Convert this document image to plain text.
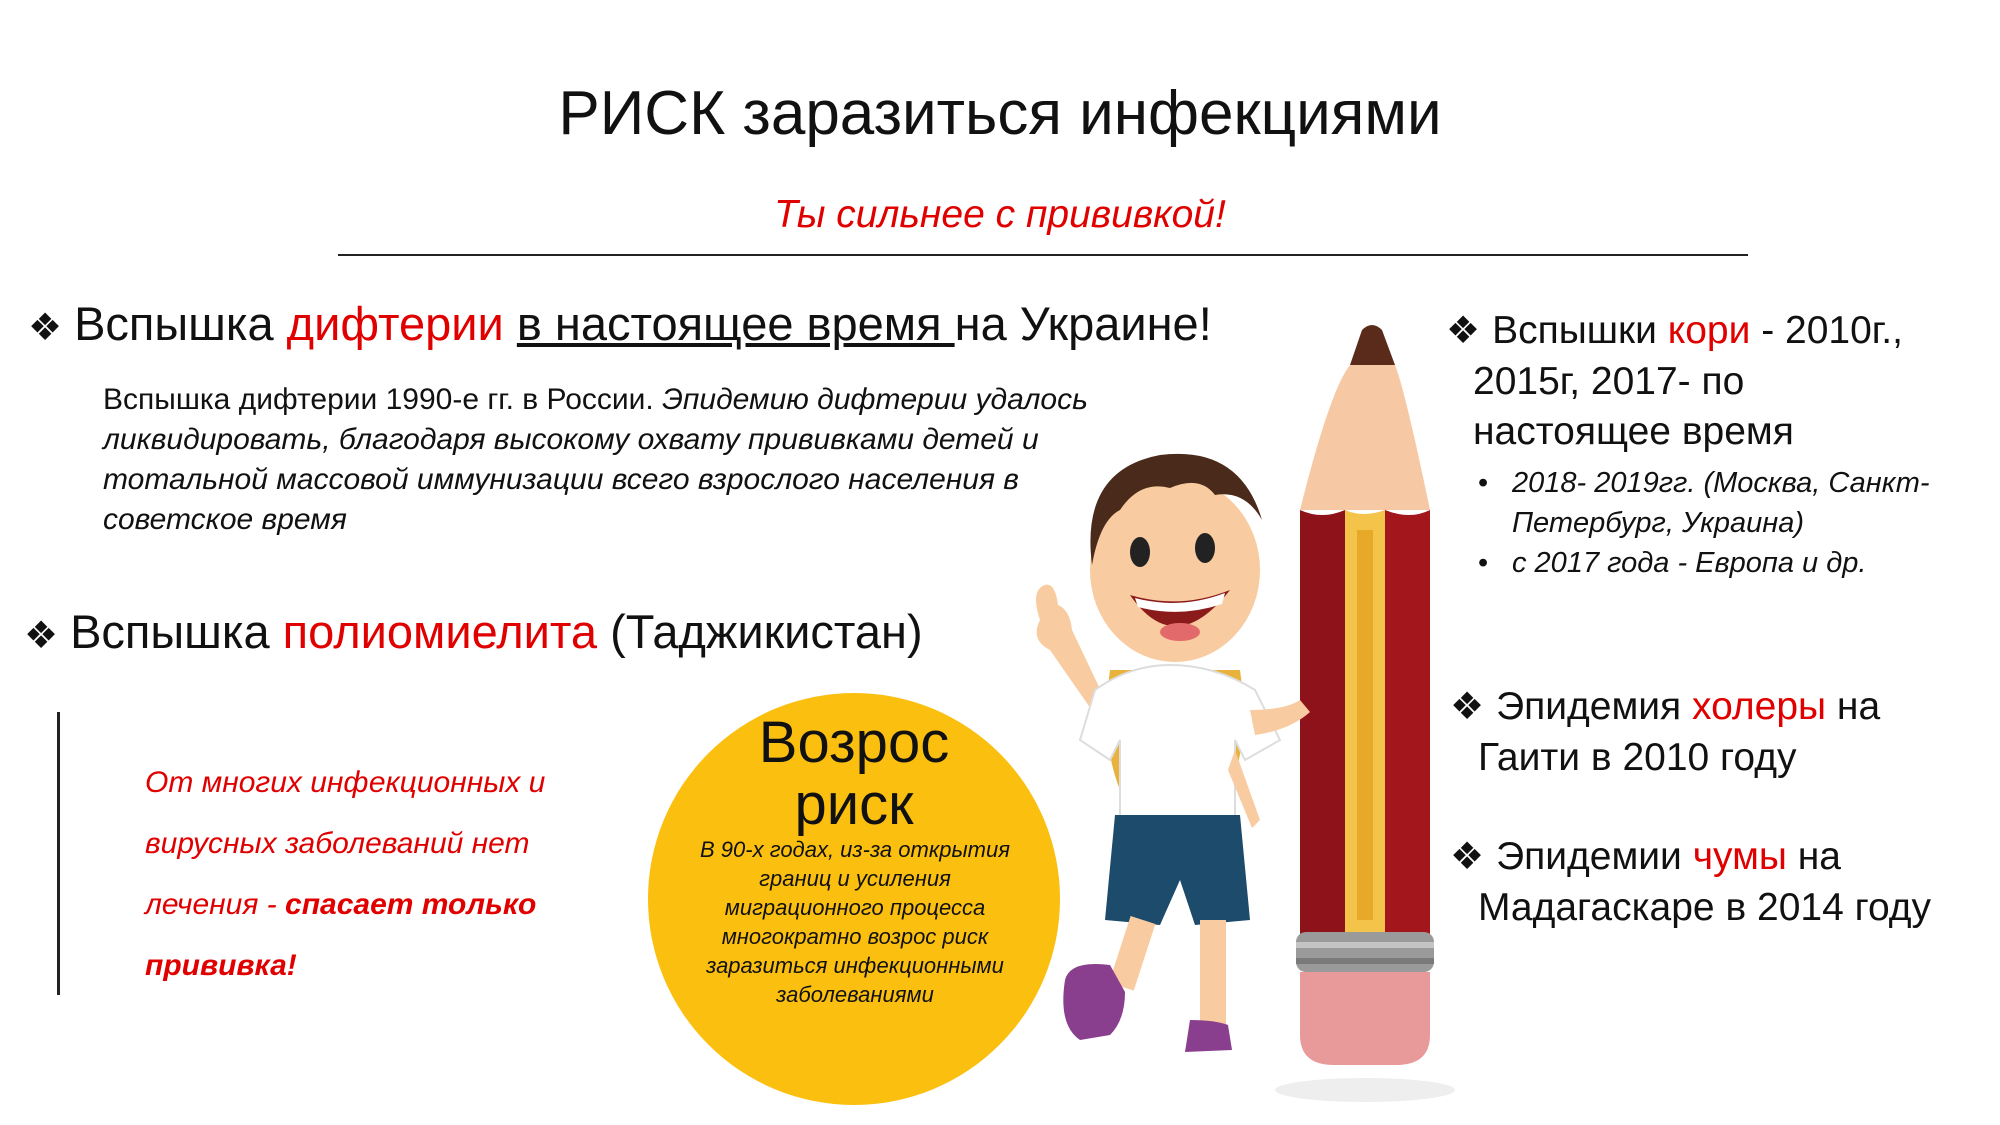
РИСК заразиться инфекциями
Ты сильнее с прививкой!
❖ Вспышка дифтерии в настоящее время на Украине!
Вспышка дифтерии 1990-е гг. в России. Эпидемию дифтерии удалось ликвидировать, благодаря высокому охвату прививками детей и тотальной массовой иммунизации всего взрослого населения в советское время
❖ Вспышка полиомиелита (Таджикистан)
От многих инфекционных и вирусных заболеваний нет лечения - спасает только прививка!
Возрос
риск
В 90-х годах, из-за открытия границ и усиления миграционного процесса многократно возрос риск заразиться инфекционными заболеваниями
❖ Вспышки кори - 2010г.,
2015г, 2017- по
настоящее время
• 2018- 2019гг. (Москва, Санкт-Петербург, Украина)
• с 2017 года - Европа и др.
❖ Эпидемия холеры на
Гаити в 2010 году
❖ Эпидемии чумы на
Мадагаскаре в 2014 году
